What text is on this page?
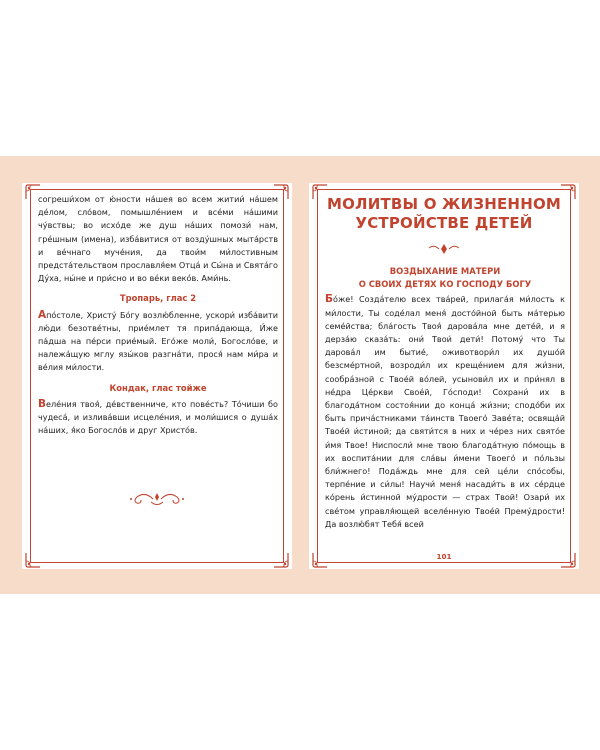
согреши́хом от ю́ности на́шея во всем житии́ на́шем де́лом, сло́вом, помышле́нием и все́ми на́шими чу́вствы; во исхо́де же душ на́ших помози́ нам, гре́шным (имена), изба́витися от возду́шных мыта́рств и ве́чнаго муче́ния, да твои́м ми́лостивным предста́тельством прославля́ем Отца́ и Сы́на и Свята́го Ду́ха, ны́не и при́сно и во ве́ки веко́в. Ами́нь.

Тропарь, глас 2

Апо́столе, Христу́ Бо́гу возлю́бленне, ускори́ изба́вити лю́ди безотве́тны, прие́млет тя припа́дающа, И́же па́дша на пе́рси прие́мый. Его́же моли́, Богосло́ве, и належа́щую мглу язы́ков разгна́ти, прося́ нам ми́ра и ве́лия ми́лости.

Кондак, глас тойже

Веле́ния твоя́, де́вственниче, кто пове́сть? То́чиши бо чудеса́, и излива́вши исцеле́ния, и моли́шися о душа́х на́ших, я́ко Богосло́в и друг Христо́в.

МОЛИТВЫ О ЖИЗНЕННОМ
УСТРОЙСТВЕ ДЕТЕЙ

ВОЗДЫХАНИЕ МАТЕРИ

О СВОИХ ДЕТЯХ КО ГОСПОДУ БОГУ

Бо́же! Созда́телю всех тва́рей, прилага́я ми́лость к ми́лости, Ты соде́лал меня́ досто́йной быть ма́терью семе́йства; бла́гость Твоя́ дарова́ла мне дете́й, и я дерза́ю сказа́ть: они́ Твои́ дети́! Потому́ что Ты дарова́л им бытие́, оживотвори́л их душо́й безсме́ртной, возроди́л их креще́нием для жи́зни, сообра́зной с Твое́й во́лей, усынови́л их и при́нял в не́дра Це́ркви Свое́й, Го́споди! Сохрани́ их в благода́тном состоя́нии до конца́ жи́зни; сподо́би их быть прича́стниками та́инств Твоего́ Заве́та; освяща́й Твое́й и́стиной; да святи́тся в них и че́рез них свято́е и́мя Твое! Ниспосли́ мне твою благода́тную по́мощь в их воспита́нии для сла́вы и́мени Твоего́ и по́льзы бли́жнего! Пода́ждь мне для сей це́ли спо́собы, терпе́ние и си́лы! Научи́ меня́ насади́ть в их се́рдце ко́рень и́стинной му́дрости — страх Твой! Озари́ их све́том управля́ющей вселе́нную Твое́й Прему́дрости! Да возлю́бят Тебя́ всей

101
